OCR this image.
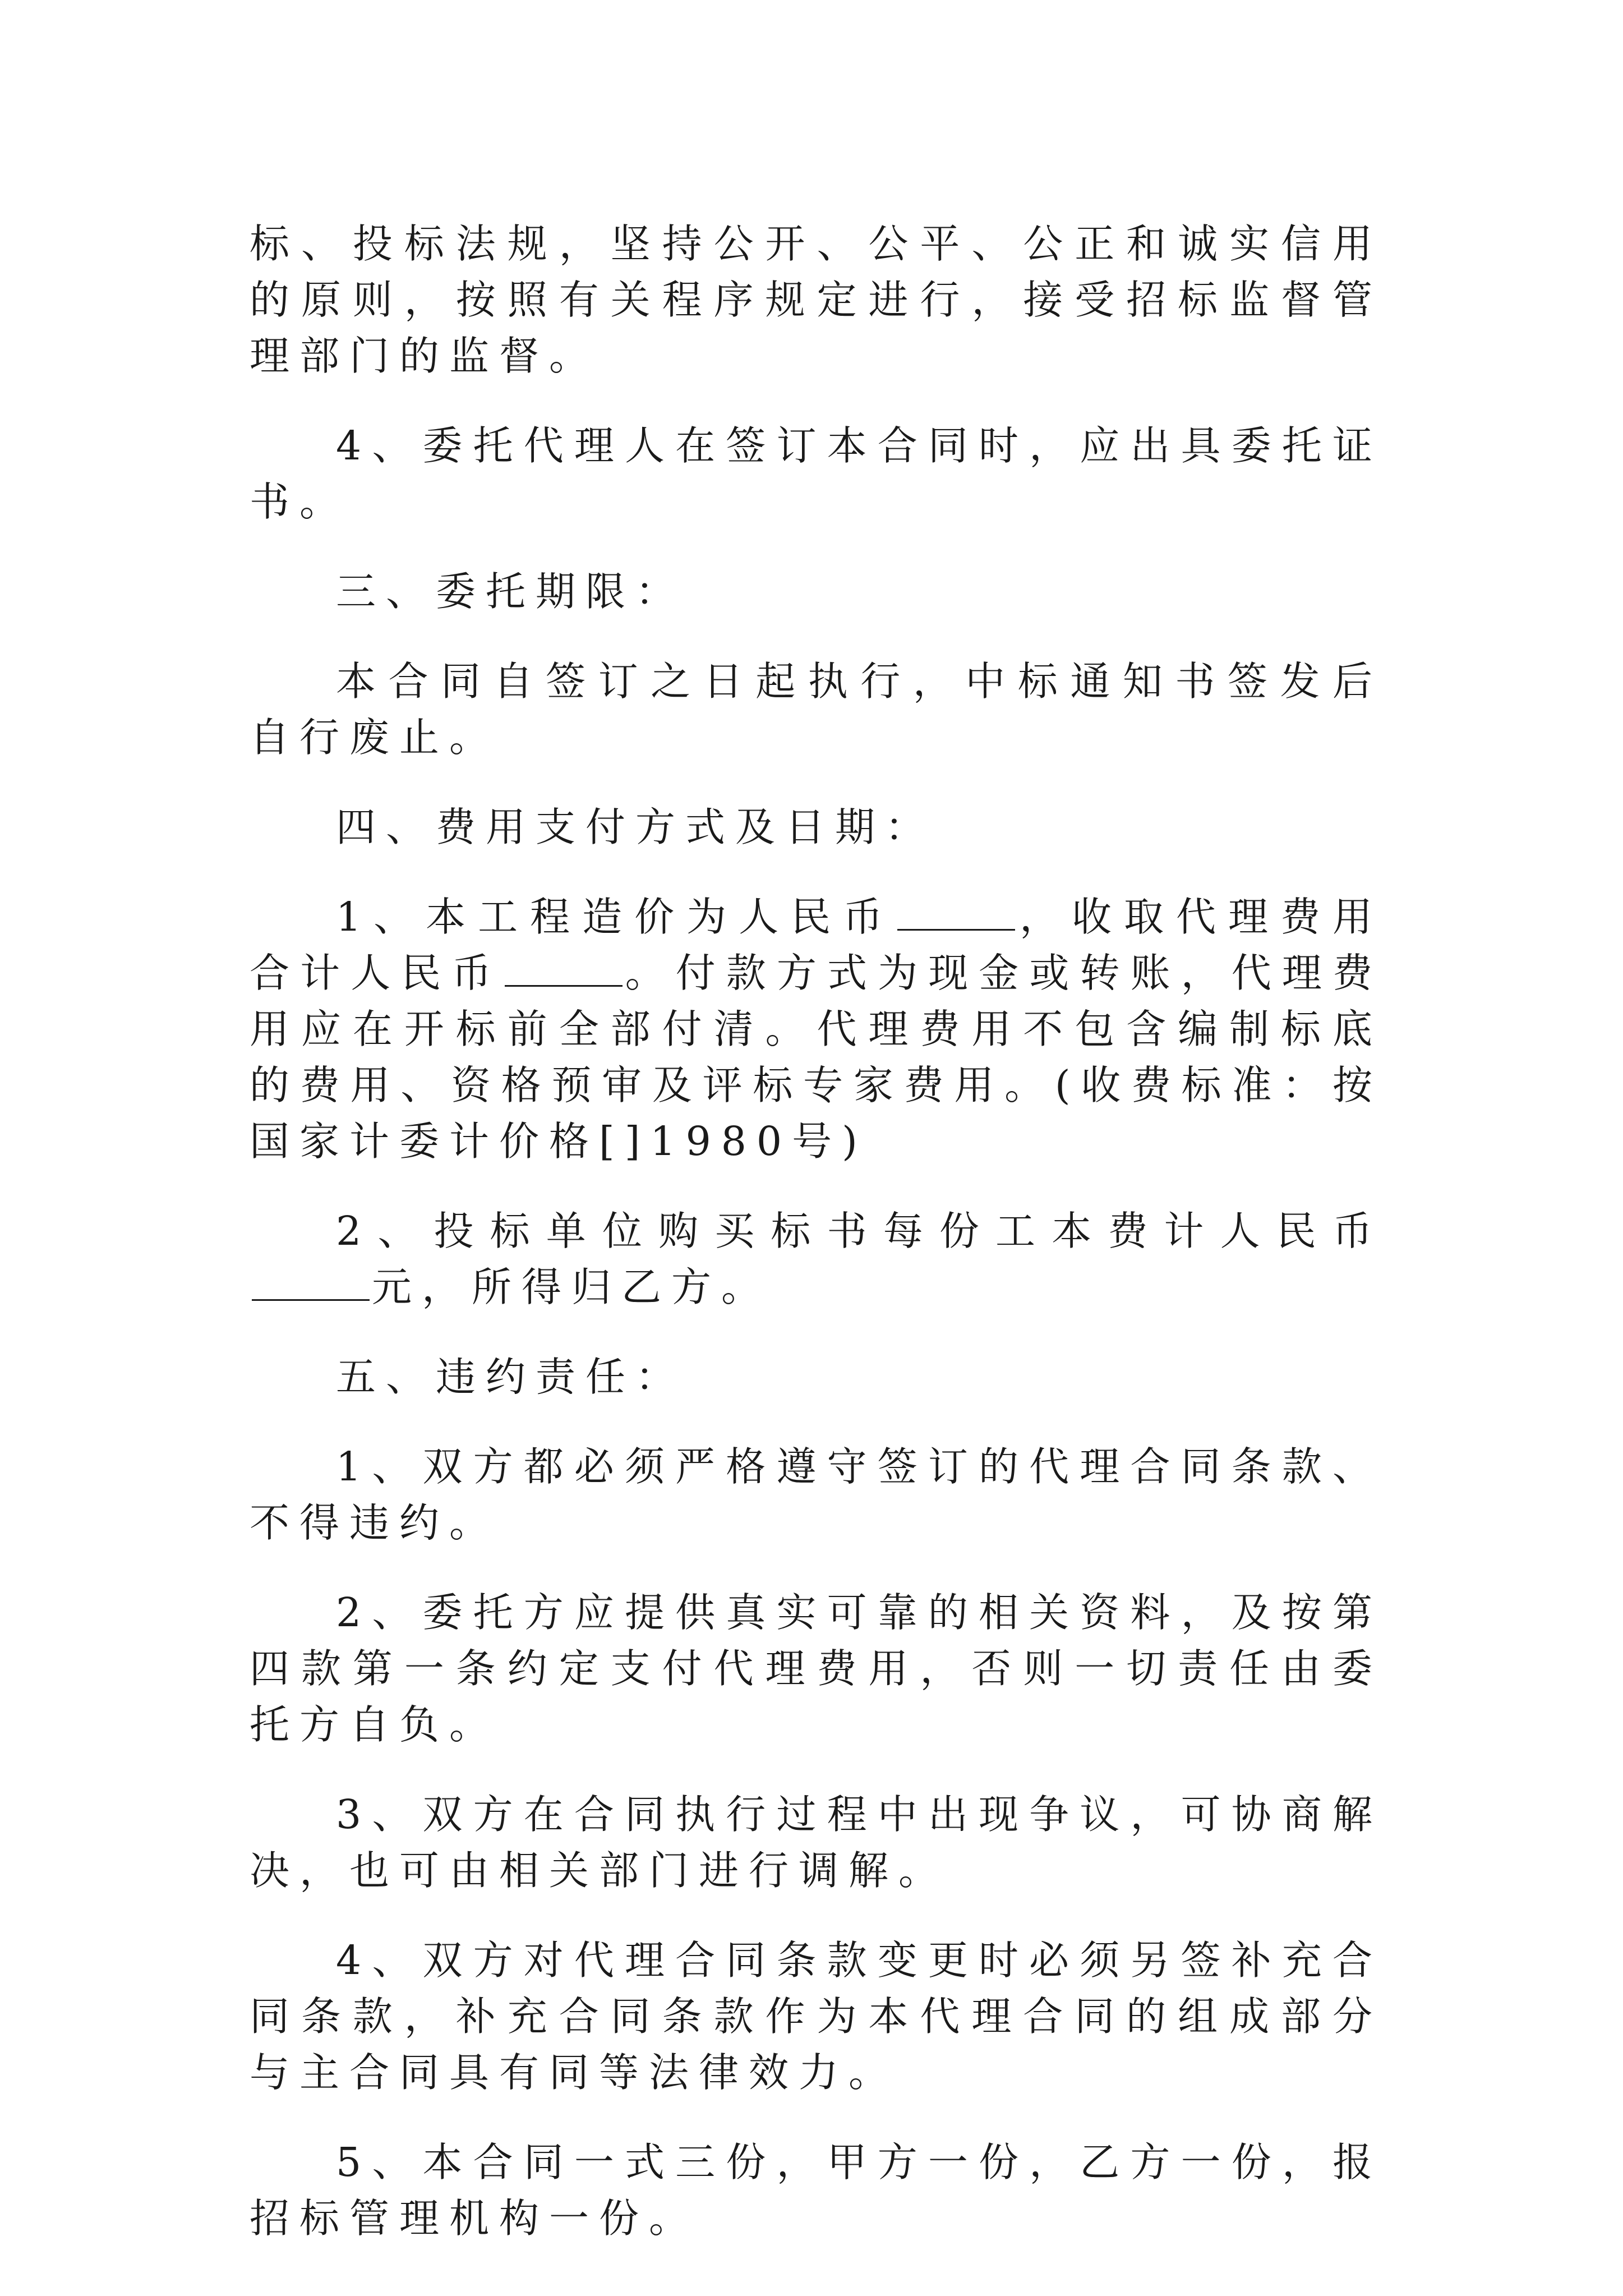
标、投标法规，坚持公开、公平、公正和诚实信用的原则，按照有关程序规定进行，接受招标监督管理部门的监督。

4、委托代理人在签订本合同时，应出具委托证书。

三、委托期限：

本合同自签订之日起执行，中标通知书签发后自行废止。

四、费用支付方式及日期：

1、本工程造价为人民币	，收取代理费用合计人民币	。付款方式为现金或转账，代理费用应在开标前全部付清。代理费用不包含编制标底的费用、资格预审及评标专家费用。(收费标准：按国家计委计价格[]1980号)

2、投标单位购买标书每份工本费计人民币元，所得归乙方。

五、违约责任：

1、双方都必须严格遵守签订的代理合同条款、不得违约。

2、委托方应提供真实可靠的相关资料，及按第四款第一条约定支付代理费用，否则一切责任由委托方自负。

3、双方在合同执行过程中出现争议，可协商解决，也可由相关部门进行调解。

4、双方对代理合同条款变更时必须另签补充合同条款，补充合同条款作为本代理合同的组成部分与主合同具有同等法律效力。

5、本合同一式三份，甲方一份，乙方一份，报招标管理机构一份。
